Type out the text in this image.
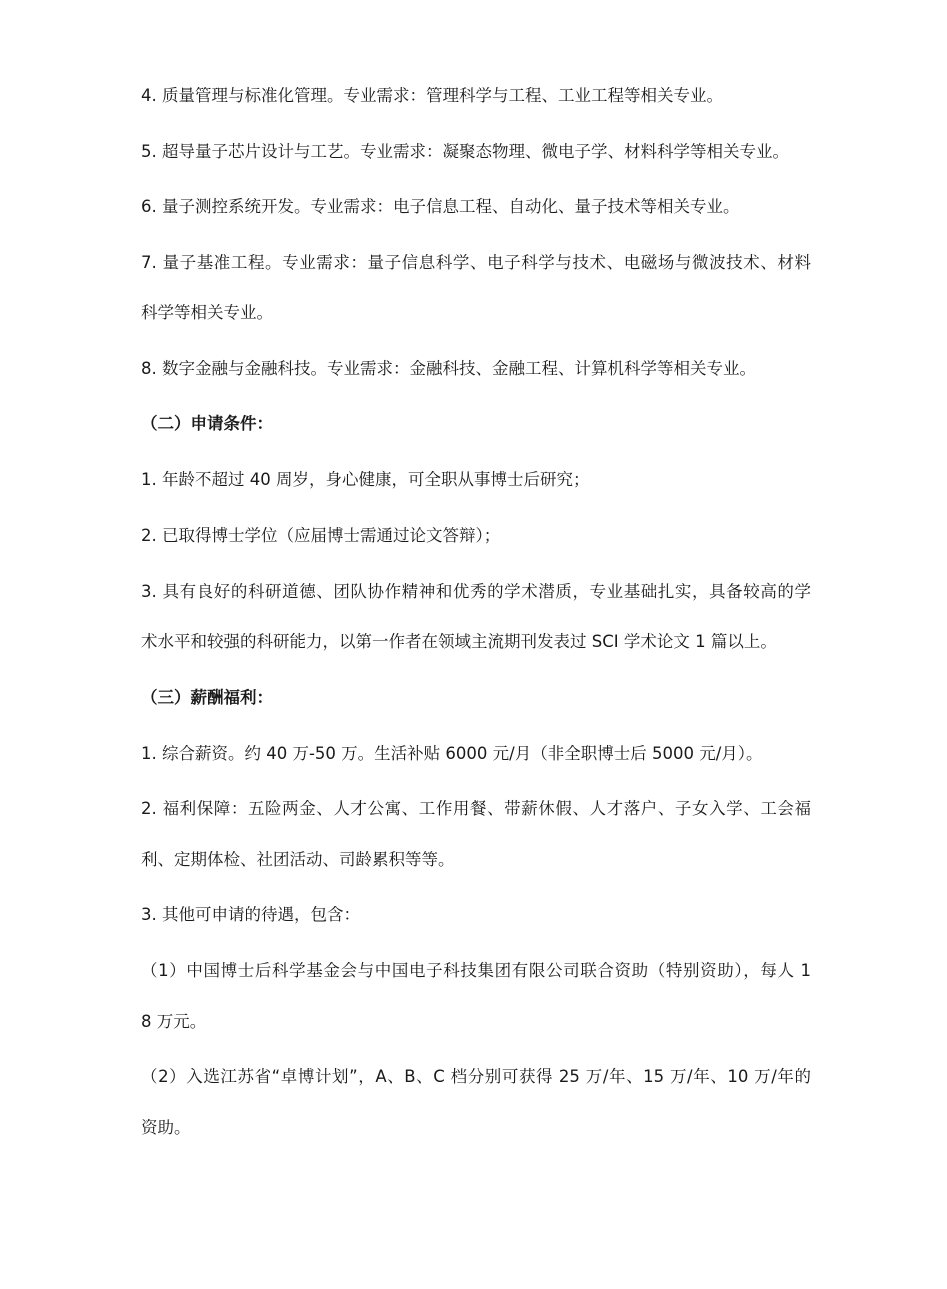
4. 质量管理与标准化管理。专业需求：管理科学与工程、工业工程等相关专业。
5. 超导量子芯片设计与工艺。专业需求：凝聚态物理、微电子学、材料科学等相关专业。
6. 量子测控系统开发。专业需求：电子信息工程、自动化、量子技术等相关专业。
7. 量子基准工程。专业需求：量子信息科学、电子科学与技术、电磁场与微波技术、材料
科学等相关专业。
8. 数字金融与金融科技。专业需求：金融科技、金融工程、计算机科学等相关专业。
（二）申请条件：
1. 年龄不超过 40 周岁，身心健康，可全职从事博士后研究；
2. 已取得博士学位（应届博士需通过论文答辩）；
3. 具有良好的科研道德、团队协作精神和优秀的学术潜质，专业基础扎实，具备较高的学
术水平和较强的科研能力，以第一作者在领域主流期刊发表过 SCI 学术论文 1 篇以上。
（三）薪酬福利：
1. 综合薪资。约 40 万-50 万。生活补贴 6000 元/月（非全职博士后 5000 元/月）。
2. 福利保障：五险两金、人才公寓、工作用餐、带薪休假、人才落户、子女入学、工会福
利、定期体检、社团活动、司龄累积等等。
3. 其他可申请的待遇，包含：
（1）中国博士后科学基金会与中国电子科技集团有限公司联合资助（特别资助），每人 1
8 万元。
（2）入选江苏省“卓博计划”，A、B、C 档分别可获得 25 万/年、15 万/年、10 万/年的
资助。
